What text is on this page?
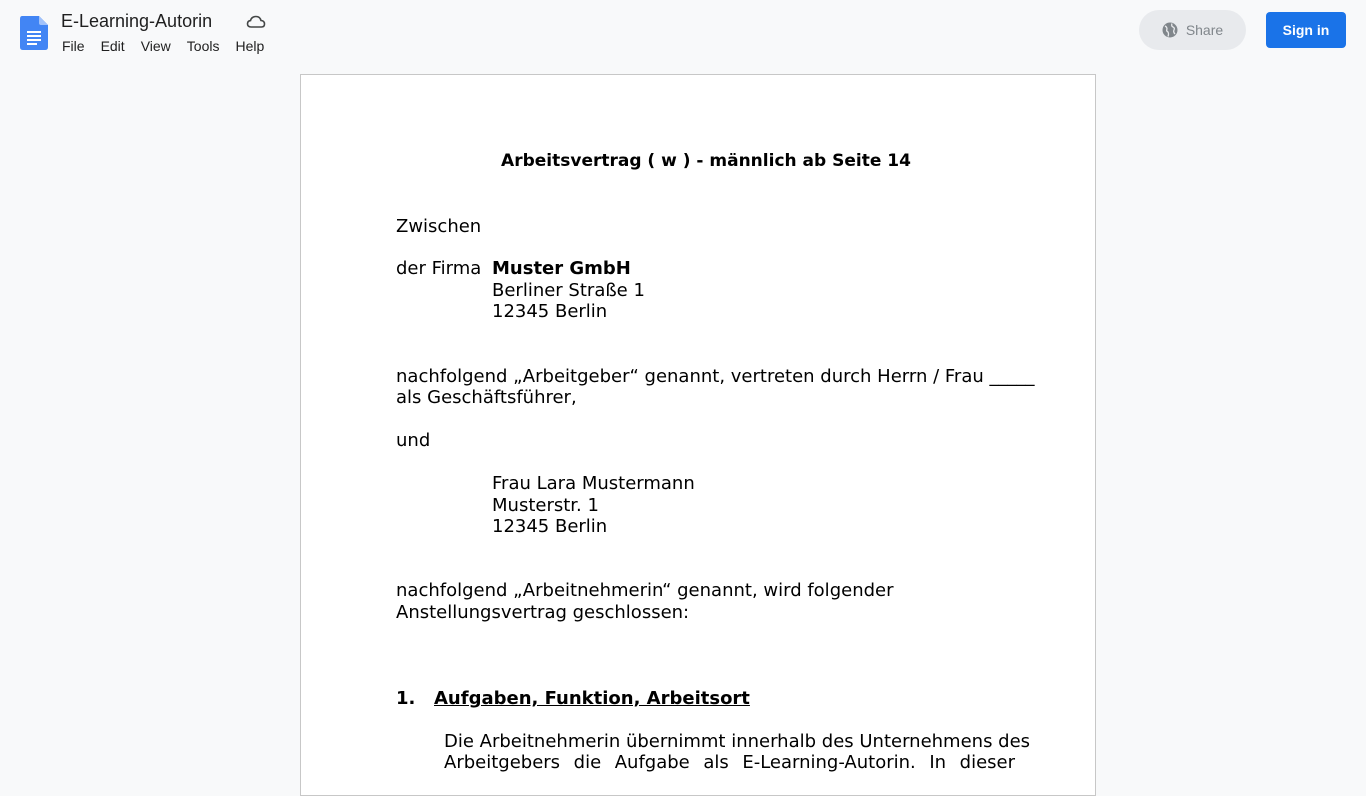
E-Learning-Autorin
File	Edit	View	Tools	Help
Share	Sign in
Arbeitsvertrag ( w ) - männlich ab Seite 14
Zwischen
der Firma Muster GmbH
Berliner Straße 1
12345 Berlin
nachfolgend „Arbeitgeber“ genannt, vertreten durch Herrn / Frau _____
als Geschäftsführer,
und
Frau Lara Mustermann
Musterstr. 1
12345 Berlin
nachfolgend „Arbeitnehmerin“ genannt, wird folgender
Anstellungsvertrag geschlossen:
1. Aufgaben, Funktion, Arbeitsort
Die Arbeitnehmerin übernimmt innerhalb des Unternehmens des
Arbeitgebers die Aufgabe als E-Learning-Autorin. In dieser
